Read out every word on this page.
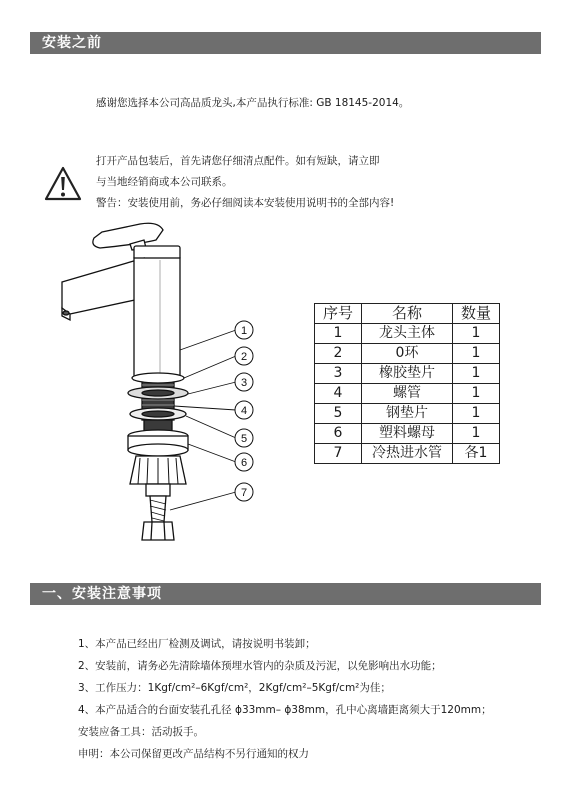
安装之前
感谢您选择本公司高品质龙头,本产品执行标准: GB 18145-2014。
打开产品包装后，首先请您仔细清点配件。如有短缺，请立即
与当地经销商或本公司联系。
警告：安装使用前，务必仔细阅读本安装使用说明书的全部内容!
1
2
3
4
5
6
7
序号	名称	数量
1	龙头主体	1
2	0环	1
3	橡胶垫片	1
4	螺管	1
5	钢垫片	1
6	塑料螺母	1
7	冷热进水管	各1
一、安装注意事项
1、本产品已经出厂检测及调试，请按说明书装卸；
2、安装前，请务必先清除墙体预埋水管内的杂质及污泥，以免影响出水功能；
3、工作压力：1Kgf/cm²–6Kgf/cm²，2Kgf/cm²–5Kgf/cm²为佳；
4、本产品适合的台面安装孔孔径 ϕ33mm– ϕ38mm，孔中心离墙距离须大于120mm；
安装应备工具：活动扳手。
申明：本公司保留更改产品结构不另行通知的权力
